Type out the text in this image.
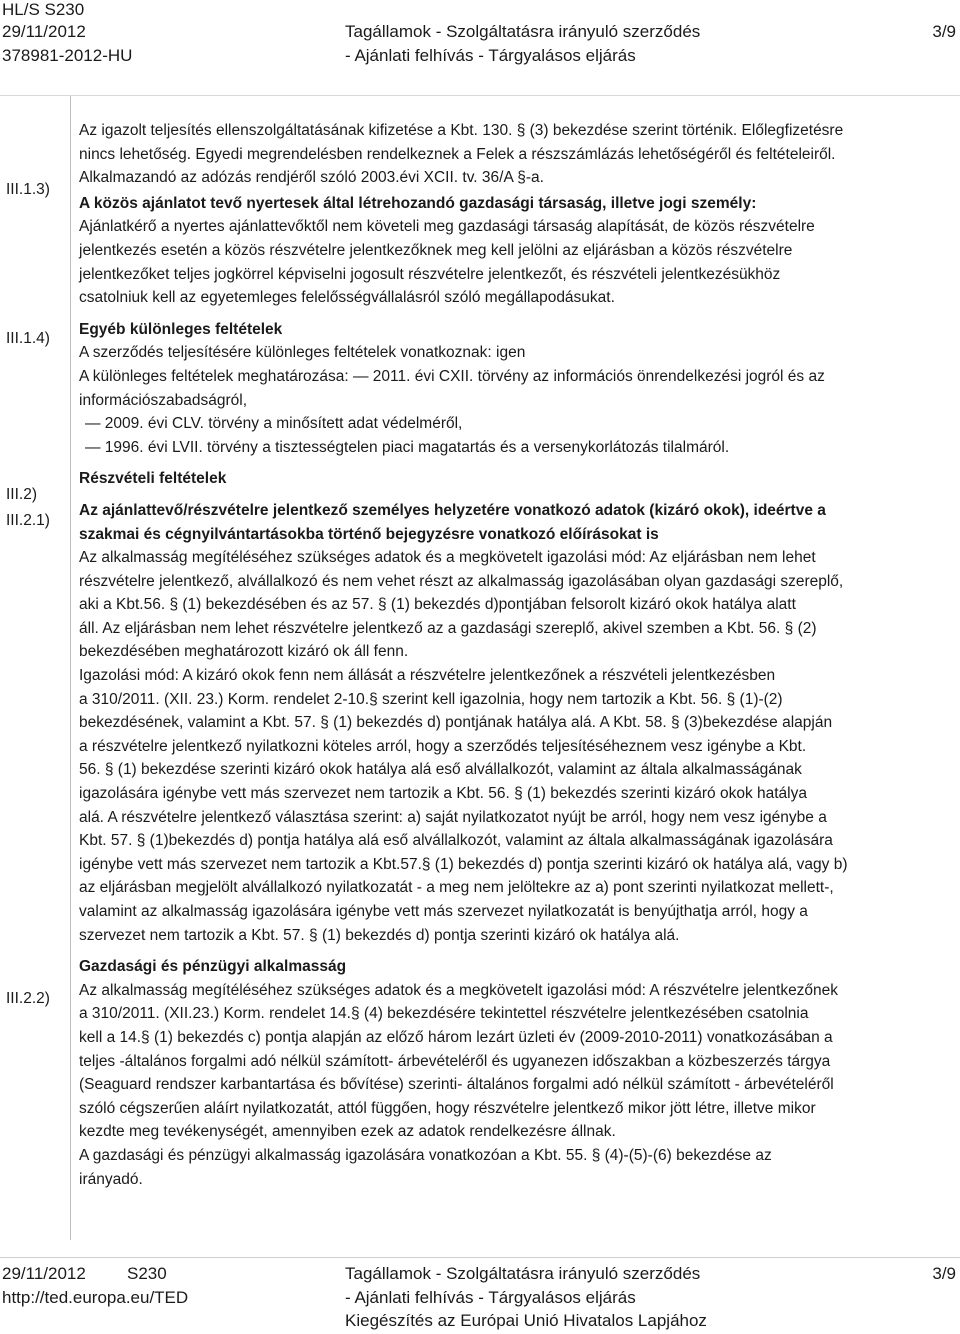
HL/S S230
29/11/2012
378981-2012-HU
Tagállamok - Szolgáltatásra irányuló szerződés
- Ajánlati felhívás - Tárgyalásos eljárás
3/9
III.1.3)
III.1.4)
III.2)
III.2.1)
III.2.2)

Az igazolt teljesítés ellenszolgáltatásának kifizetése a Kbt. 130. § (3) bekezdése szerint történik. Előlegfizetésre
nincs lehetőség. Egyedi megrendelésben rendelkeznek a Felek a részszámlázás lehetőségéről és feltételeiről.
Alkalmazandó az adózás rendjéről szóló 2003.évi XCII. tv. 36/A §-a.

A közös ajánlatot tevő nyertesek által létrehozandó gazdasági társaság, illetve jogi személy:

Ajánlatkérő a nyertes ajánlattevőktől nem követeli meg gazdasági társaság alapítását, de közös részvételre
jelentkezés esetén a közös részvételre jelentkezőknek meg kell jelölni az eljárásban a közös részvételre
jelentkezőket teljes jogkörrel képviselni jogosult részvételre jelentkezőt, és részvételi jelentkezésükhöz
csatolniuk kell az egyetemleges felelősségvállalásról szóló megállapodásukat.

Egyéb különleges feltételek

A szerződés teljesítésére különleges feltételek vonatkoznak: igen
A különleges feltételek meghatározása: — 2011. évi CXII. törvény az információs önrendelkezési jogról és az
információszabadságról,
— 2009. évi CLV. törvény a minősített adat védelméről,
— 1996. évi LVII. törvény a tisztességtelen piaci magatartás és a versenykorlátozás tilalmáról.

Részvételi feltételek

Az ajánlattevő/részvételre jelentkező személyes helyzetére vonatkozó adatok (kizáró okok), ideértve a
szakmai és cégnyilvántartásokba történő bejegyzésre vonatkozó előírásokat is

Az alkalmasság megítéléséhez szükséges adatok és a megkövetelt igazolási mód: Az eljárásban nem lehet
részvételre jelentkező, alvállalkozó és nem vehet részt az alkalmasság igazolásában olyan gazdasági szereplő,
aki a Kbt.56. § (1) bekezdésében és az 57. § (1) bekezdés d)pontjában felsorolt kizáró okok hatálya alatt
áll. Az eljárásban nem lehet részvételre jelentkező az a gazdasági szereplő, akivel szemben a Kbt. 56. § (2)
bekezdésében meghatározott kizáró ok áll fenn.
Igazolási mód: A kizáró okok fenn nem állását a részvételre jelentkezőnek a részvételi jelentkezésben
a 310/2011. (XII. 23.) Korm. rendelet 2-10.§ szerint kell igazolnia, hogy nem tartozik a Kbt. 56. § (1)-(2)
bekezdésének, valamint a Kbt. 57. § (1) bekezdés d) pontjának hatálya alá. A Kbt. 58. § (3)bekezdése alapján
a részvételre jelentkező nyilatkozni köteles arról, hogy a szerződés teljesítéséheznem vesz igénybe a Kbt.
56. § (1) bekezdése szerinti kizáró okok hatálya alá eső alvállalkozót, valamint az általa alkalmasságának
igazolására igénybe vett más szervezet nem tartozik a Kbt. 56. § (1) bekezdés szerinti kizáró okok hatálya
alá. A részvételre jelentkező választása szerint: a) saját nyilatkozatot nyújt be arról, hogy nem vesz igénybe a
Kbt. 57. § (1)bekezdés d) pontja hatálya alá eső alvállalkozót, valamint az általa alkalmasságának igazolására
igénybe vett más szervezet nem tartozik a Kbt.57.§ (1) bekezdés d) pontja szerinti kizáró ok hatálya alá, vagy b)
az eljárásban megjelölt alvállalkozó nyilatkozatát - a meg nem jelöltekre az a) pont szerinti nyilatkozat mellett-,
valamint az alkalmasság igazolására igénybe vett más szervezet nyilatkozatát is benyújthatja arról, hogy a
szervezet nem tartozik a Kbt. 57. § (1) bekezdés d) pontja szerinti kizáró ok hatálya alá.

Gazdasági és pénzügyi alkalmasság

Az alkalmasság megítéléséhez szükséges adatok és a megkövetelt igazolási mód: A részvételre jelentkezőnek
a 310/2011. (XII.23.) Korm. rendelet 14.§ (4) bekezdésére tekintettel részvételre jelentkezésében csatolnia
kell a 14.§ (1) bekezdés c) pontja alapján az előző három lezárt üzleti év (2009-2010-2011) vonatkozásában a
teljes -általános forgalmi adó nélkül számított- árbevételéről és ugyanezen időszakban a közbeszerzés tárgya
(Seaguard rendszer karbantartása és bővítése) szerinti- általános forgalmi adó nélkül számított - árbevételéről
szóló cégszerűen aláírt nyilatkozatát, attól függően, hogy részvételre jelentkező mikor jött létre, illetve mikor
kezdte meg tevékenységét, amennyiben ezek az adatok rendelkezésre állnak.
A gazdasági és pénzügyi alkalmasság igazolására vonatkozóan a Kbt. 55. § (4)-(5)-(6) bekezdése az
irányadó.

29/11/2012 S230
http://ted.europa.eu/TED
Tagállamok - Szolgáltatásra irányuló szerződés
- Ajánlati felhívás - Tárgyalásos eljárás
Kiegészítés az Európai Unió Hivatalos Lapjához
3/9
